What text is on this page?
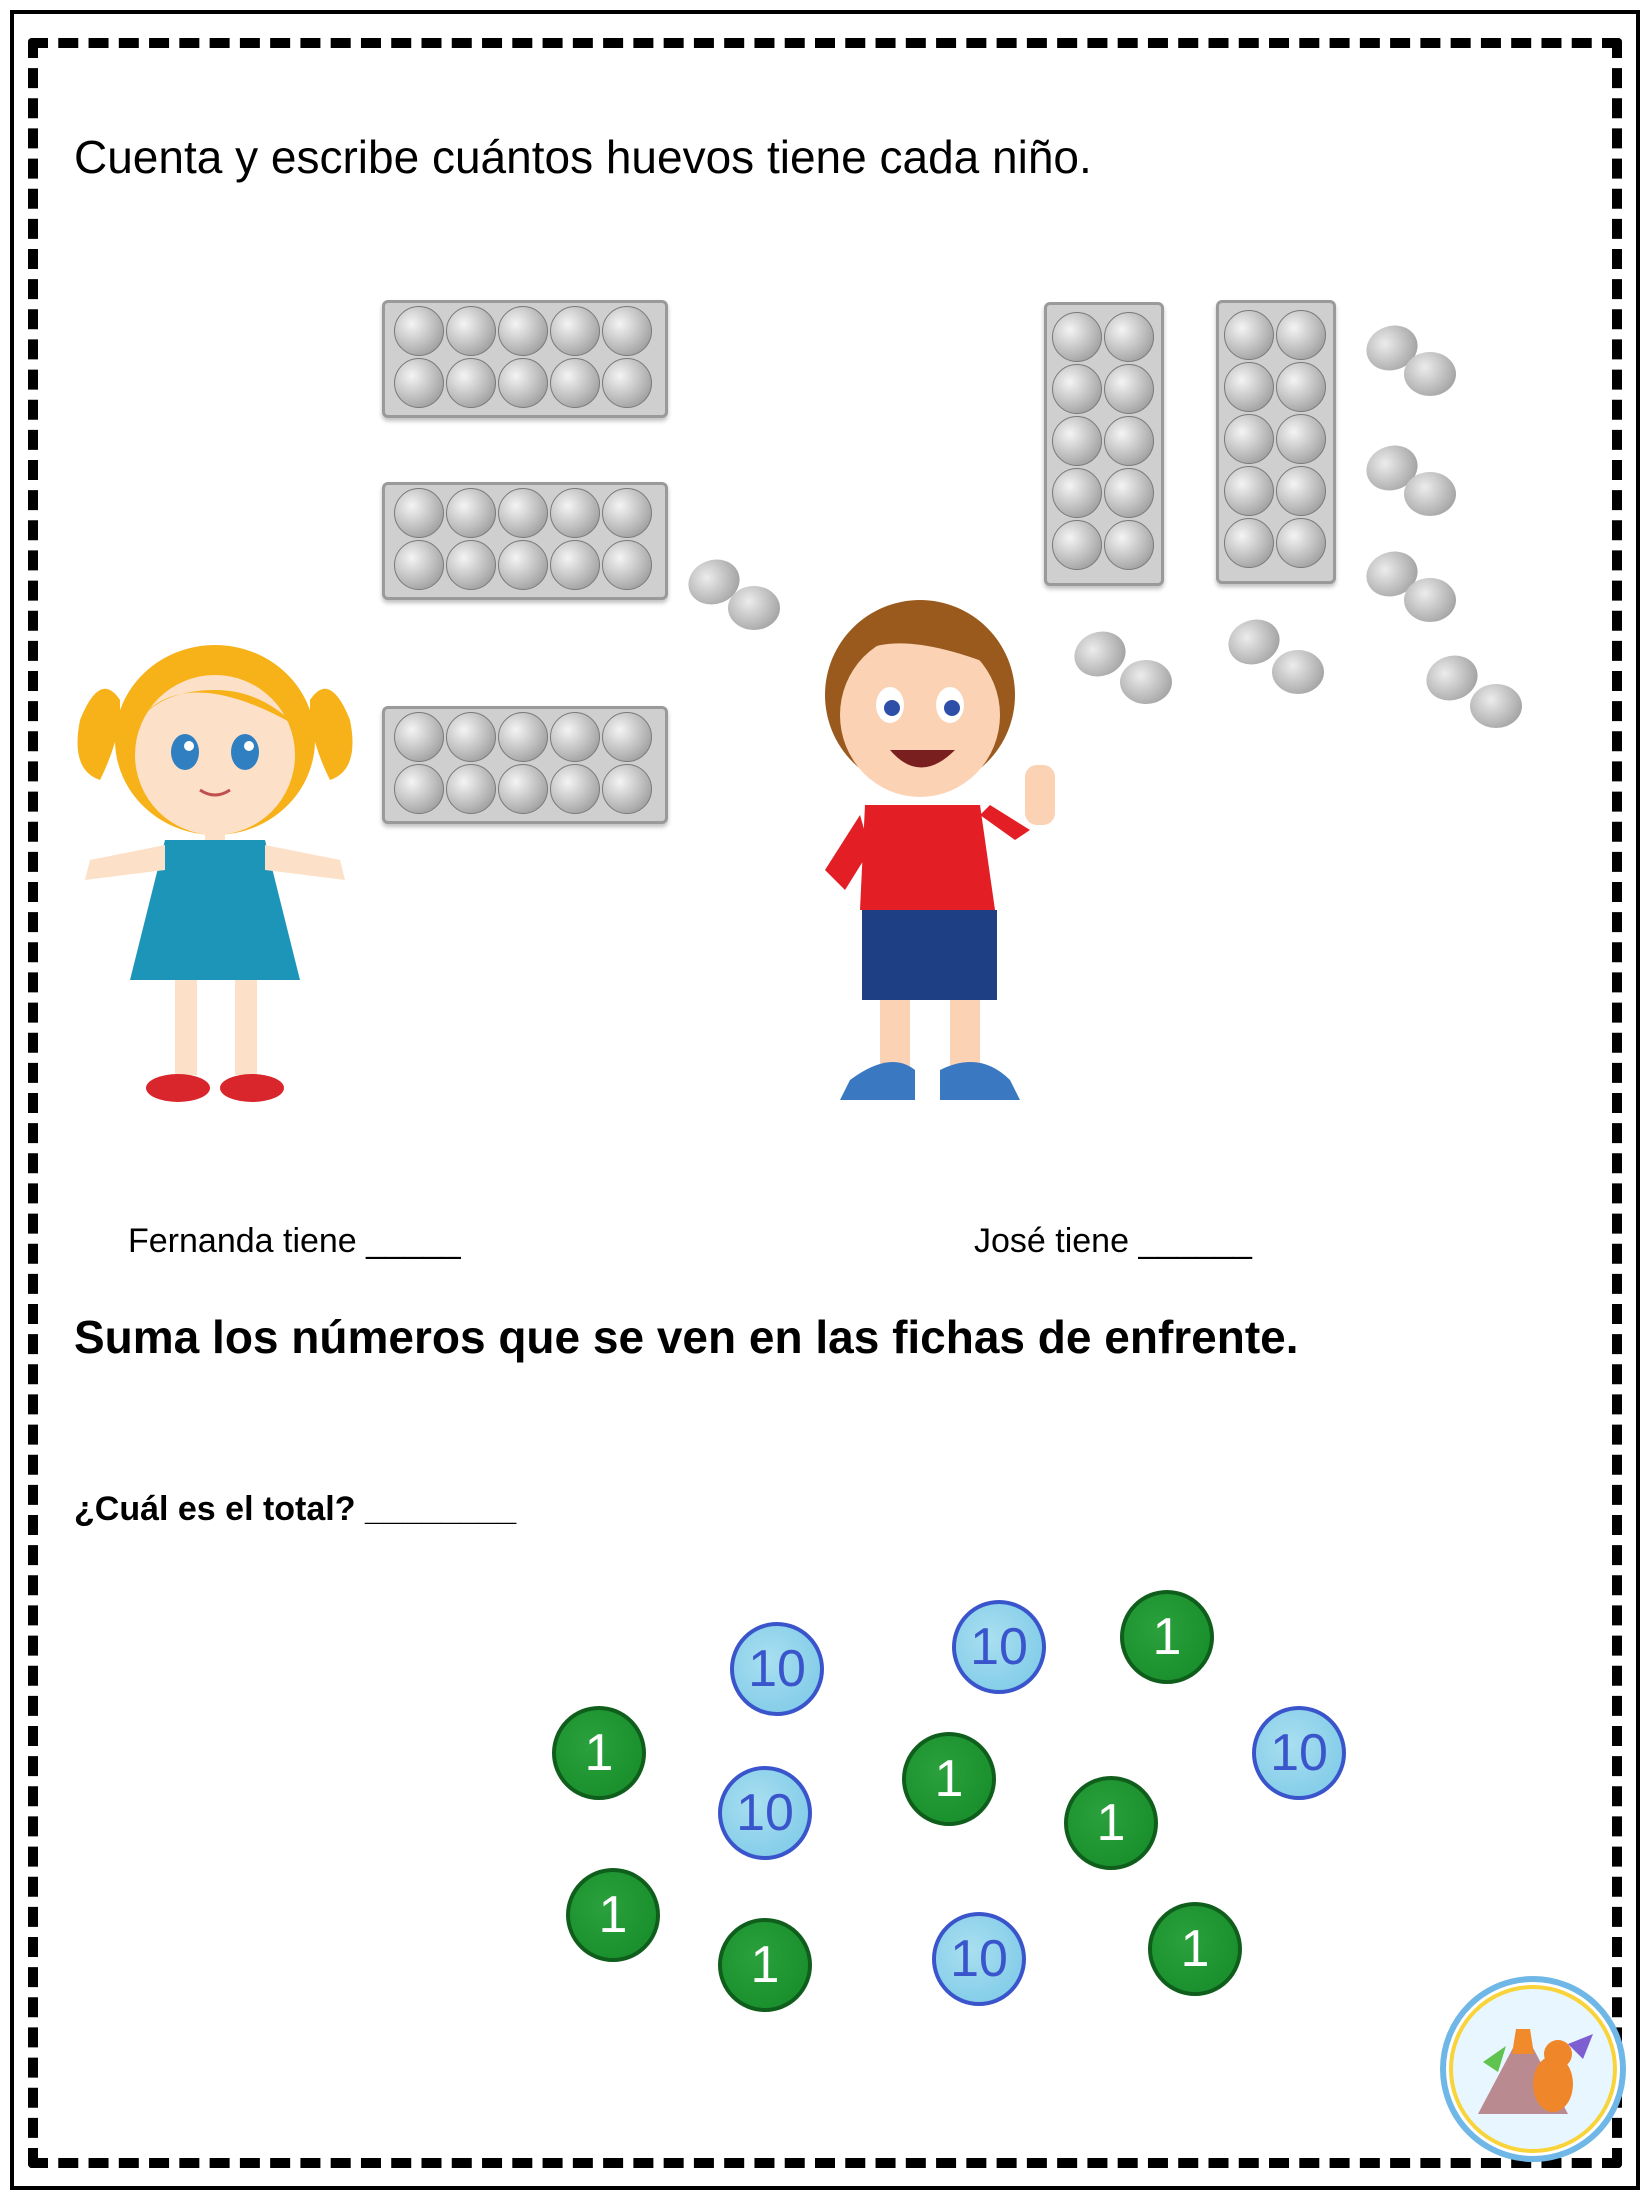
Cuenta y escribe cuántos huevos tiene cada niño.
Fernanda tiene _____	José tiene ______
Suma los números que se ven en las fichas de enfrente.
¿Cuál es el total? ________
10	10 1
1
10
1
1
10
1
1	10	1
